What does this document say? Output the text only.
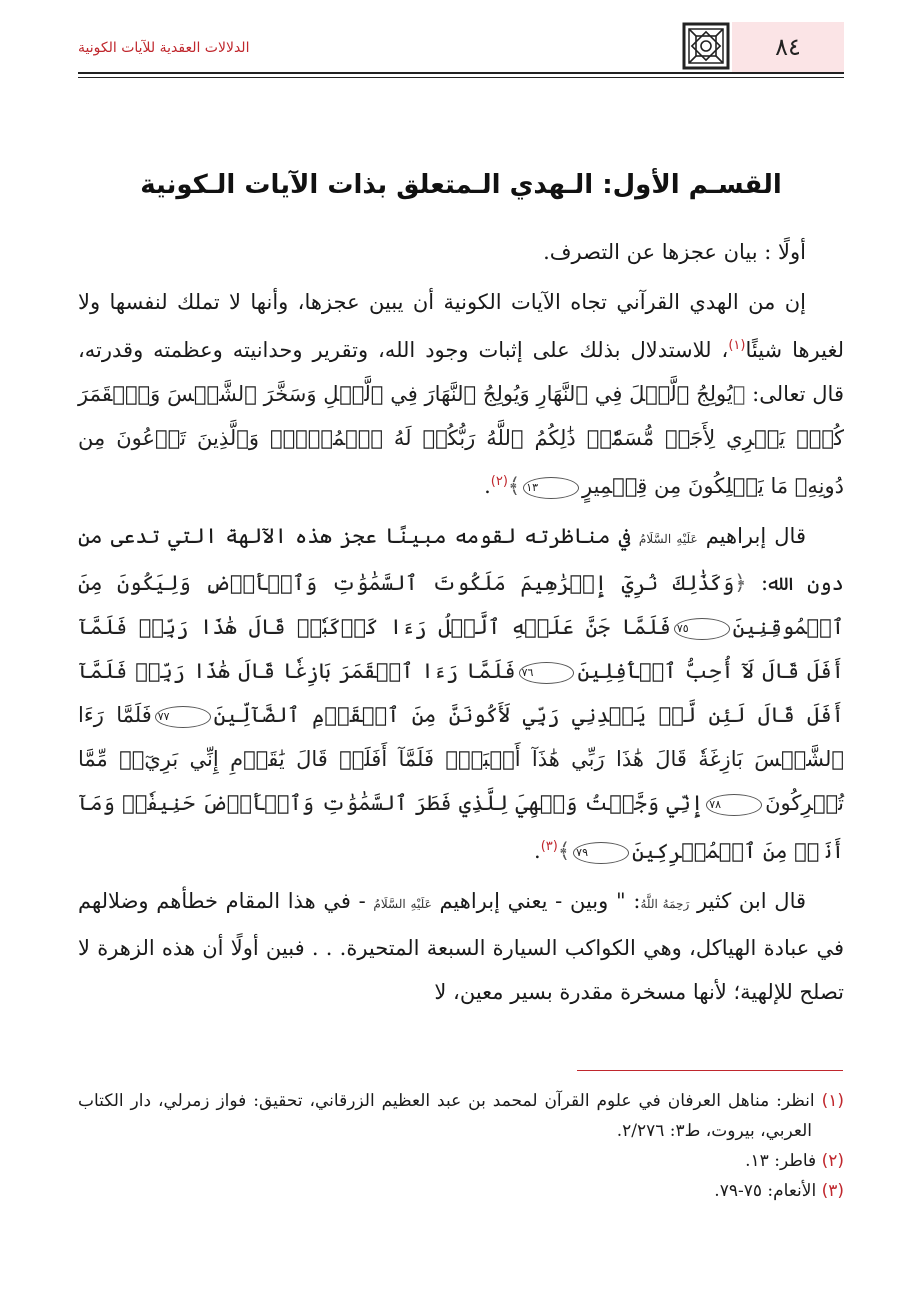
٨٤
الدلالات العقدية للآيات الكونية
القسـم الأول: الـهدي الـمتعلق بذات الآيات الـكونية

أولًا : بيان عجزها عن التصرف.

إن من الهدي القرآني تجاه الآيات الكونية أن يبين عجزها، وأنها لا تملك لنفسها ولا لغيرها شيئًا$^{(١)}$، للاستدلال بذلك على إثبات وجود الله، وتقرير وحدانيته وعظمته وقدرته، قال تعالى: ﴿يُولِجُ ٱلَّيۡلَ فِي ٱلنَّهَارِ وَيُولِجُ ٱلنَّهَارَ فِي ٱلَّيۡلِ وَسَخَّرَ ٱلشَّمۡسَ وَٱلۡقَمَرَ كُلّٞ يَجۡرِي لِأَجَلٖ مُّسَمّٗىۚ ذَٰلِكُمُ ٱللَّهُ رَبُّكُمۡ لَهُ ٱلۡمُلۡكُۚ وَٱلَّذِينَ تَدۡعُونَ مِن دُونِهِۦ مَا يَمۡلِكُونَ مِن قِطۡمِيرٍ١٣﴾$^{(٢)}$.

قال إبراهيم عَلَيْهِ السَّلَامُ في مناظرته لقومه مبينًا عجز هذه الآلهة التي تدعى من دون الله: ﴿وَكَذَٰلِكَ نُرِيٓ إِبۡرَٰهِيمَ مَلَكُوتَ ٱلسَّمَٰوَٰتِ وَٱلۡأَرۡضِ وَلِيَكُونَ مِنَ ٱلۡمُوقِنِينَ٧٥فَلَمَّا جَنَّ عَلَيۡهِ ٱلَّيۡلُ رَءَا كَوۡكَبٗاۖ قَالَ هَٰذَا رَبِّيۖ فَلَمَّآ أَفَلَ قَالَ لَآ أُحِبُّ ٱلۡأٓفِلِينَ٧٦فَلَمَّا رَءَا ٱلۡقَمَرَ بَازِغٗا قَالَ هَٰذَا رَبِّيۖ فَلَمَّآ أَفَلَ قَالَ لَئِن لَّمۡ يَهۡدِنِي رَبِّي لَأَكُونَنَّ مِنَ ٱلۡقَوۡمِ ٱلضَّآلِّينَ٧٧فَلَمَّا رَءَا ٱلشَّمۡسَ بَازِغَةٗ قَالَ هَٰذَا رَبِّي هَٰذَآ أَكۡبَرُۖ فَلَمَّآ أَفَلَتۡ قَالَ يَٰقَوۡمِ إِنِّي بَرِيٓءٞ مِّمَّا تُشۡرِكُونَ٧٨إِنِّي وَجَّهۡتُ وَجۡهِيَ لِلَّذِي فَطَرَ ٱلسَّمَٰوَٰتِ وَٱلۡأَرۡضَ حَنِيفٗاۖ وَمَآ أَنَا۠ مِنَ ٱلۡمُشۡرِكِينَ٧٩﴾$^{(٣)}$.

قال ابن كثير رَحِمَهُ اللَّهُ: " وبين - يعني إبراهيم عَلَيْهِ السَّلَامُ - في هذا المقام خطأهم وضلالهم في عبادة الهياكل، وهي الكواكب السيارة السبعة المتحيرة. . . فبين أولًا أن هذه الزهرة لا تصلح للإلهية؛ لأنها مسخرة مقدرة بسير معين، لا

(١) انظر: مناهل العرفان في علوم القرآن لمحمد بن عبد العظيم الزرقاني، تحقيق: فواز زمرلي، دار الكتاب العربي، بيروت، ط٣: ٢/٢٧٦.

(٢) فاطر: ١٣.

(٣) الأنعام: ٧٥-٧٩.
